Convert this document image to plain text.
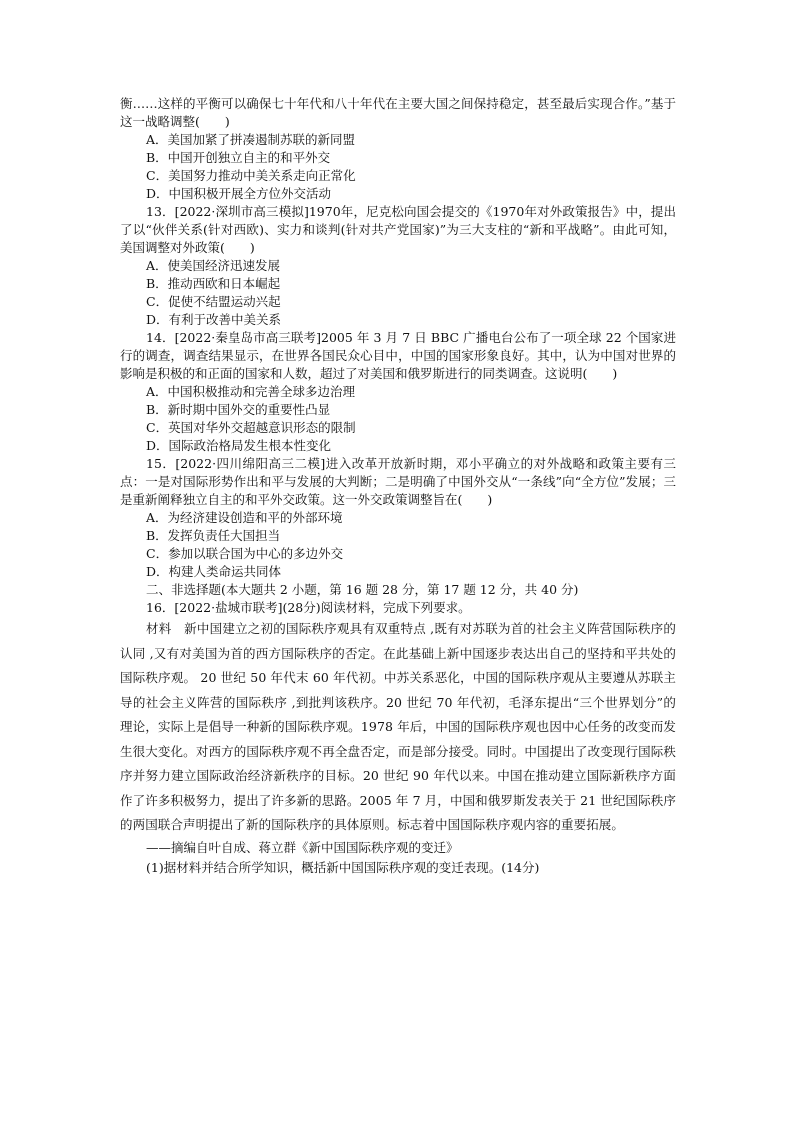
衡……这样的平衡可以确保七十年代和八十年代在主要大国之间保持稳定，甚至最后实现合作。”基于这一战略调整(　　)

A．美国加紧了拼凑遏制苏联的新同盟

B．中国开创独立自主的和平外交

C．美国努力推动中美关系走向正常化

D．中国积极开展全方位外交活动

13．[2022·深圳市高三模拟]1970年，尼克松向国会提交的《1970年对外政策报告》中，提出了以“伙伴关系(针对西欧)、实力和谈判(针对共产党国家)”为三大支柱的“新和平战略”。由此可知，美国调整对外政策(　　)

A．使美国经济迅速发展

B．推动西欧和日本崛起

C．促使不结盟运动兴起

D．有利于改善中美关系

14．[2022·秦皇岛市高三联考]2005 年 3 月 7 日 BBC 广播电台公布了一项全球 22 个国家进行的调查，调查结果显示，在世界各国民众心目中，中国的国家形象良好。其中，认为中国对世界的影响是积极的和正面的国家和人数，超过了对美国和俄罗斯进行的同类调查。这说明(　　)

A．中国积极推动和完善全球多边治理

B．新时期中国外交的重要性凸显

C．英国对华外交超越意识形态的限制

D．国际政治格局发生根本性变化

15．[2022·四川绵阳高三二模]进入改革开放新时期，邓小平确立的对外战略和政策主要有三点：一是对国际形势作出和平与发展的大判断；二是明确了中国外交从“一条线”向“全方位”发展；三是重新阐释独立自主的和平外交政策。这一外交政策调整旨在(　　)

A．为经济建设创造和平的外部环境

B．发挥负责任大国担当

C．参加以联合国为中心的多边外交

D．构建人类命运共同体

二、非选择题(本大题共 2 小题，第 16 题 28 分，第 17 题 12 分，共 40 分)

16．[2022·盐城市联考](28分)阅读材料，完成下列要求。

材料　新中国建立之初的国际秩序观具有双重特点 ,既有对苏联为首的社会主义阵营国际秩序的认同 ,又有对美国为首的西方国际秩序的否定。在此基础上新中国逐步表达出自己的坚持和平共处的国际秩序观。 20 世纪 50 年代末 60 年代初。中苏关系恶化，中国的国际秩序观从主要遵从苏联主导的社会主义阵营的国际秩序 ,到批判该秩序。20 世纪 70 年代初，毛泽东提出“三个世界划分”的理论，实际上是倡导一种新的国际秩序观。1978 年后，中国的国际秩序观也因中心任务的改变而发生很大变化。对西方的国际秩序观不再全盘否定，而是部分接受。同时。中国提出了改变现行国际秩序并努力建立国际政治经济新秩序的目标。20 世纪 90 年代以来。中国在推动建立国际新秩序方面作了许多积极努力，提出了许多新的思路。2005 年 7 月，中国和俄罗斯发表关于 21 世纪国际秩序的两国联合声明提出了新的国际秩序的具体原则。标志着中国国际秩序观内容的重要拓展。

——摘编自叶自成、蒋立群《新中国国际秩序观的变迁》

(1)据材料并结合所学知识，概括新中国国际秩序观的变迁表现。(14分)
